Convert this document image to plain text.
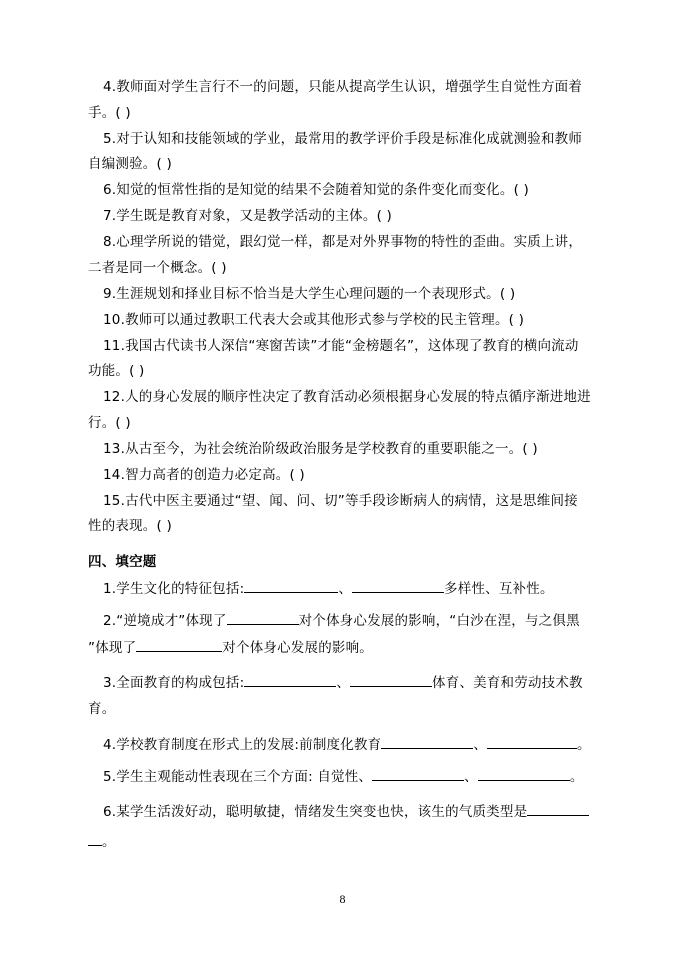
4.教师面对学生言行不一的问题，只能从提高学生认识，增强学生自觉性方面着
手。( )
5.对于认知和技能领域的学业，最常用的教学评价手段是标准化成就测验和教师
自编测验。( )
6.知觉的恒常性指的是知觉的结果不会随着知觉的条件变化而变化。( )
7.学生既是教育对象，又是教学活动的主体。( )
8.心理学所说的错觉，跟幻觉一样，都是对外界事物的特性的歪曲。实质上讲，
二者是同一个概念。( )
9.生涯规划和择业目标不恰当是大学生心理问题的一个表现形式。( )
10.教师可以通过教职工代表大会或其他形式参与学校的民主管理。( )
11.我国古代读书人深信“寒窗苦读”才能“金榜题名”，这体现了教育的横向流动
功能。( )
12.人的身心发展的顺序性决定了教育活动必须根据身心发展的特点循序渐进地进
行。( )
13.从古至今，为社会统治阶级政治服务是学校教育的重要职能之一。( )
14.智力高者的创造力必定高。( )
15.古代中医主要通过“望、闻、问、切”等手段诊断病人的病情，这是思维间接
性的表现。( )
四、填空题
1.学生文化的特征包括:	、	多样性、互补性。
2.“逆境成才”体现了	对个体身心发展的影响，“白沙在涅，与之俱黑
”体现了	对个体身心发展的影响。
3.全面教育的构成包括:	、	体育、美育和劳动技术教
育。
4.学校教育制度在形式上的发展:前制度化教育	、	。
5.学生主观能动性表现在三个方面: 自觉性、	、	。
6.某学生活泼好动，聪明敏捷，情绪发生突变也快，该生的气质类型是
。
8
